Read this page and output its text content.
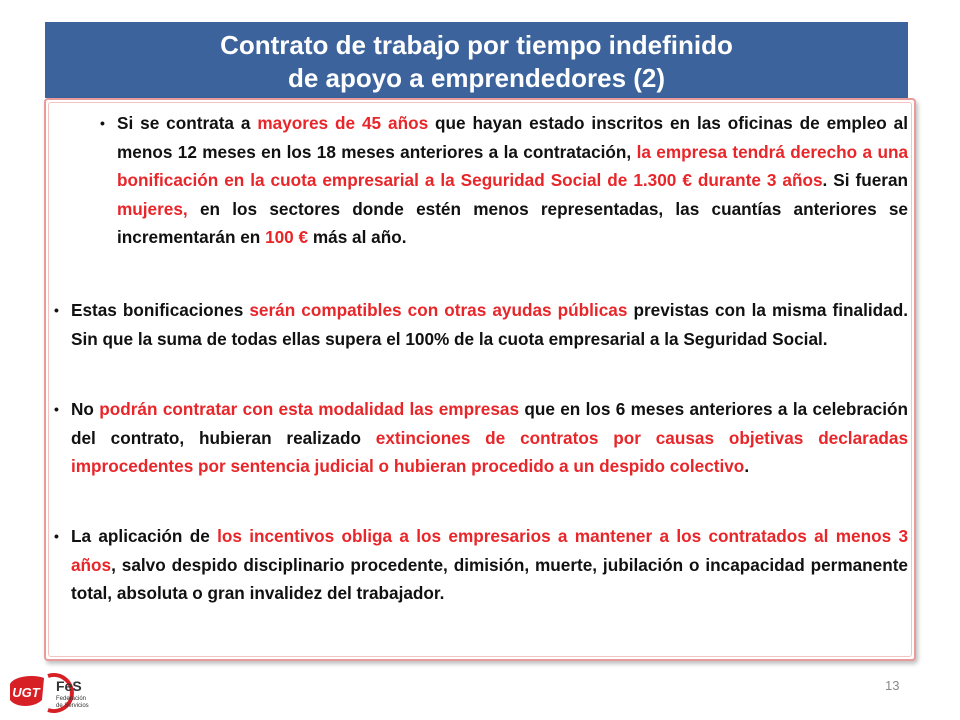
Contrato de trabajo por tiempo indefinido
de apoyo a emprendedores (2)
• Si se contrata a mayores de 45 años que hayan estado inscritos en las oficinas de empleo al menos 12 meses en los 18 meses anteriores a la contratación, la empresa tendrá derecho a una bonificación en la cuota empresarial a la Seguridad Social de 1.300 € durante 3 años. Si fueran mujeres, en los sectores donde estén menos representadas, las cuantías anteriores se incrementarán en 100 € más al año.
• Estas bonificaciones serán compatibles con otras ayudas públicas previstas con la misma finalidad. Sin que la suma de todas ellas supera el 100% de la cuota empresarial a la Seguridad Social.
• No podrán contratar con esta modalidad las empresas que en los 6 meses anteriores a la celebración del contrato, hubieran realizado extinciones de contratos por causas objetivas declaradas improcedentes por sentencia judicial o hubieran procedido a un despido colectivo.
• La aplicación de los incentivos obliga a los empresarios a mantener a los contratados al menos 3 años, salvo despido disciplinario procedente, dimisión, muerte, jubilación o incapacidad permanente total, absoluta o gran invalidez del trabajador.
UGT FeS
Federación
de Servicios
13
